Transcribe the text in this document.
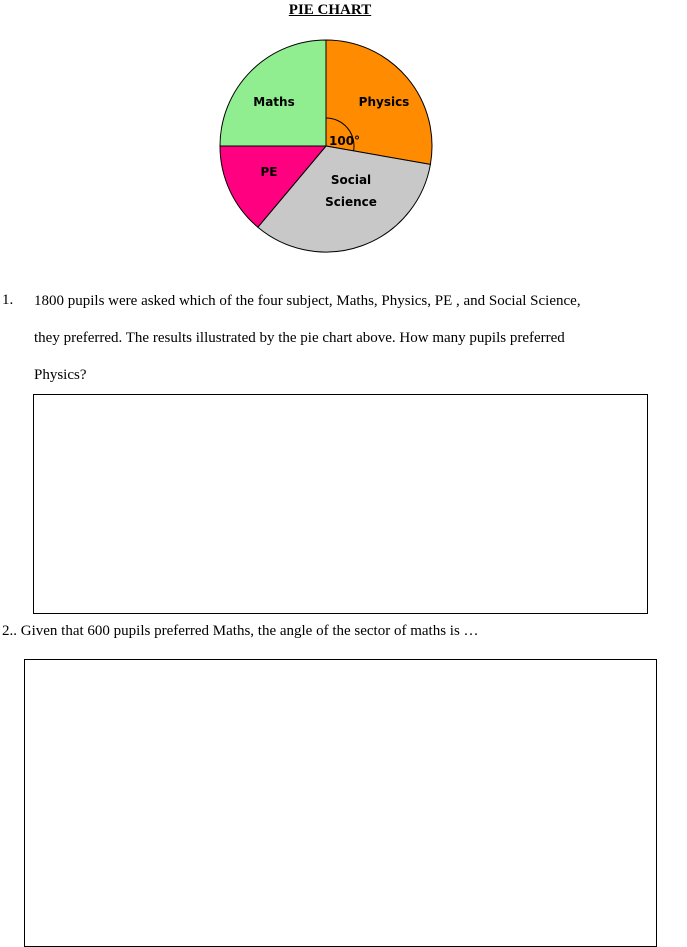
PIE CHART
Physics
Social Science
PE
Maths
100°
1. 1800 pupils were asked which of the four subject, Maths, Physics, PE , and Social Science,
they preferred. The results illustrated by the pie chart above. How many pupils preferred
Physics?
2.. Given that 600 pupils preferred Maths, the angle of the sector of maths is …
